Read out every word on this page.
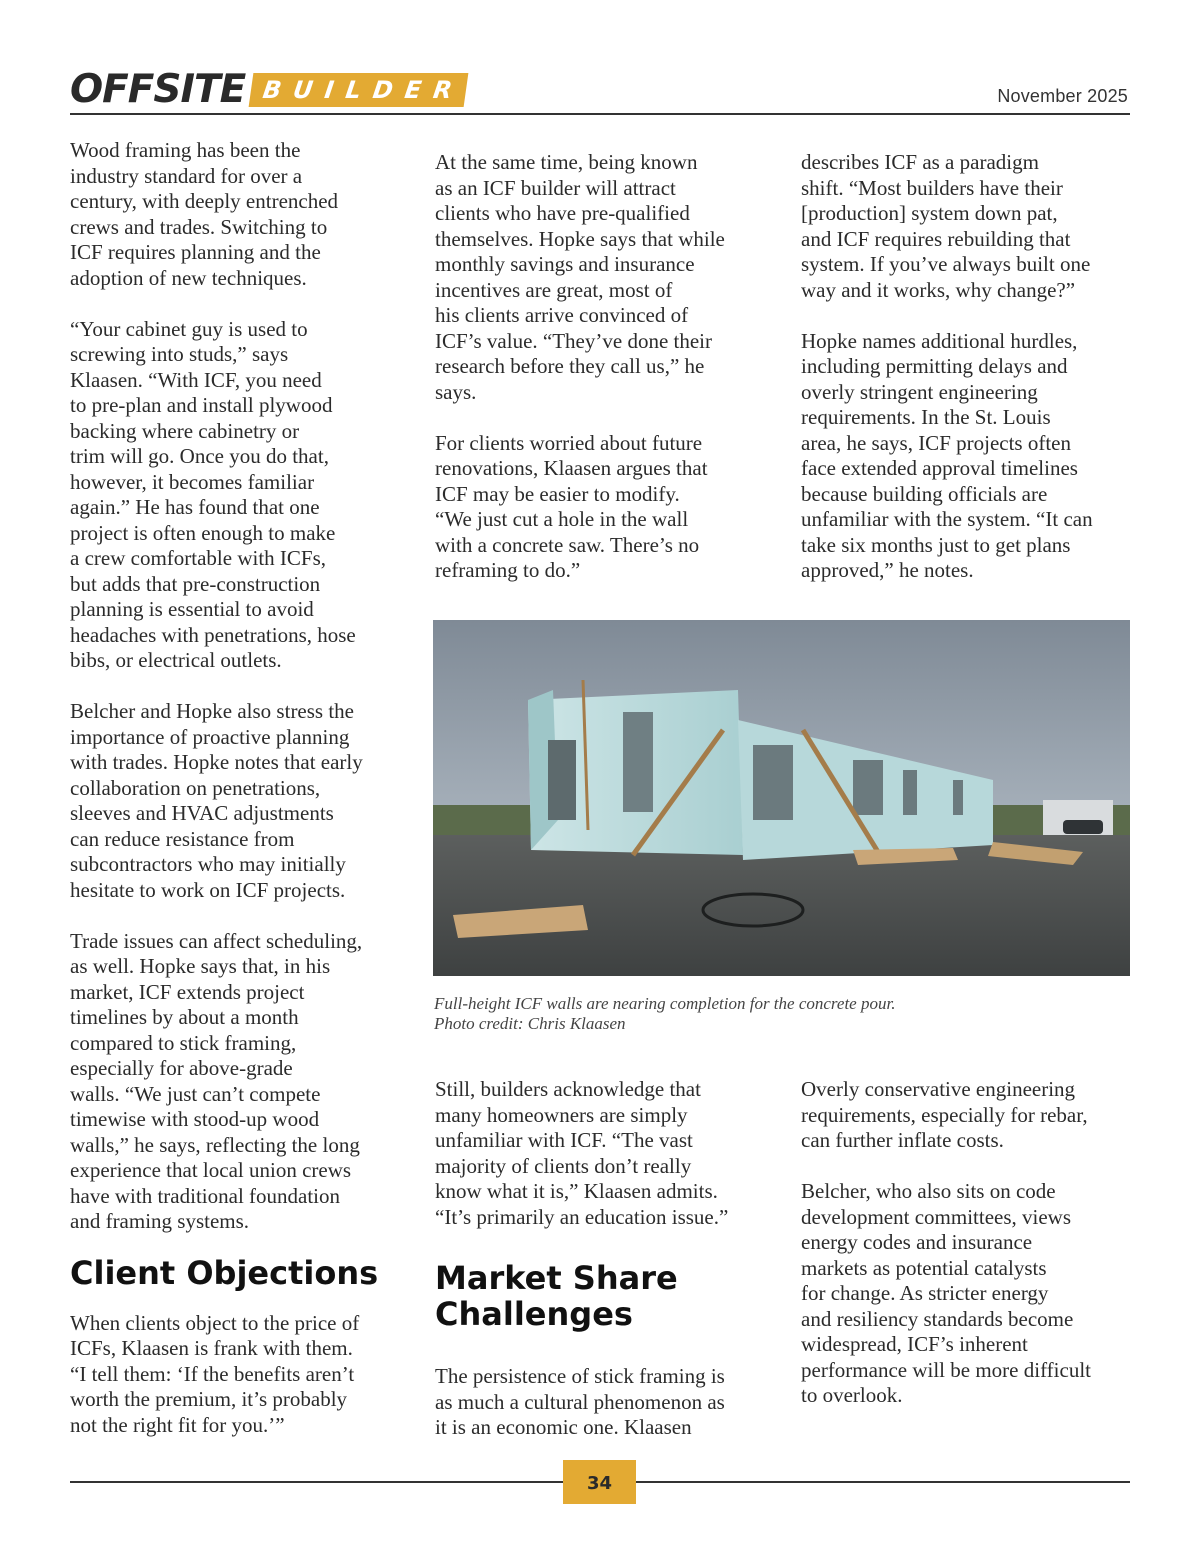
OFFSITE BUILDER	November 2025

Wood framing has been the
industry standard for over a
century, with deeply entrenched
crews and trades. Switching to
ICF requires planning and the
adoption of new techniques.

“Your cabinet guy is used to
screwing into studs,” says
Klaasen. “With ICF, you need
to pre-plan and install plywood
backing where cabinetry or
trim will go. Once you do that,
however, it becomes familiar
again.” He has found that one
project is often enough to make
a crew comfortable with ICFs,
but adds that pre-construction
planning is essential to avoid
headaches with penetrations, hose
bibs, or electrical outlets.

Belcher and Hopke also stress the
importance of proactive planning
with trades. Hopke notes that early
collaboration on penetrations,
sleeves and HVAC adjustments
can reduce resistance from
subcontractors who may initially
hesitate to work on ICF projects.

Trade issues can affect scheduling,
as well. Hopke says that, in his
market, ICF extends project
timelines by about a month
compared to stick framing,
especially for above-grade
walls. “We just can’t compete
timewise with stood-up wood
walls,” he says, reflecting the long
experience that local union crews
have with traditional foundation
and framing systems.

Client Objections

When clients object to the price of
ICFs, Klaasen is frank with them.
“I tell them: ‘If the benefits aren’t
worth the premium, it’s probably
not the right fit for you.’”

At the same time, being known
as an ICF builder will attract
clients who have pre-qualified
themselves. Hopke says that while
monthly savings and insurance
incentives are great, most of
his clients arrive convinced of
ICF’s value. “They’ve done their
research before they call us,” he
says.

For clients worried about future
renovations, Klaasen argues that
ICF may be easier to modify.
“We just cut a hole in the wall
with a concrete saw. There’s no
reframing to do.”

describes ICF as a paradigm
shift. “Most builders have their
[production] system down pat,
and ICF requires rebuilding that
system. If you’ve always built one
way and it works, why change?”

Hopke names additional hurdles,
including permitting delays and
overly stringent engineering
requirements. In the St. Louis
area, he says, ICF projects often
face extended approval timelines
because building officials are
unfamiliar with the system. “It can
take six months just to get plans
approved,” he notes.

Full-height ICF walls are nearing completion for the concrete pour.
Photo credit: Chris Klaasen

Still, builders acknowledge that
many homeowners are simply
unfamiliar with ICF. “The vast
majority of clients don’t really
know what it is,” Klaasen admits.
“It’s primarily an education issue.”

Market Share
Challenges

The persistence of stick framing is
as much a cultural phenomenon as
it is an economic one. Klaasen

Overly conservative engineering
requirements, especially for rebar,
can further inflate costs.

Belcher, who also sits on code
development committees, views
energy codes and insurance
markets as potential catalysts
for change. As stricter energy
and resiliency standards become
widespread, ICF’s inherent
performance will be more difficult
to overlook.

34
